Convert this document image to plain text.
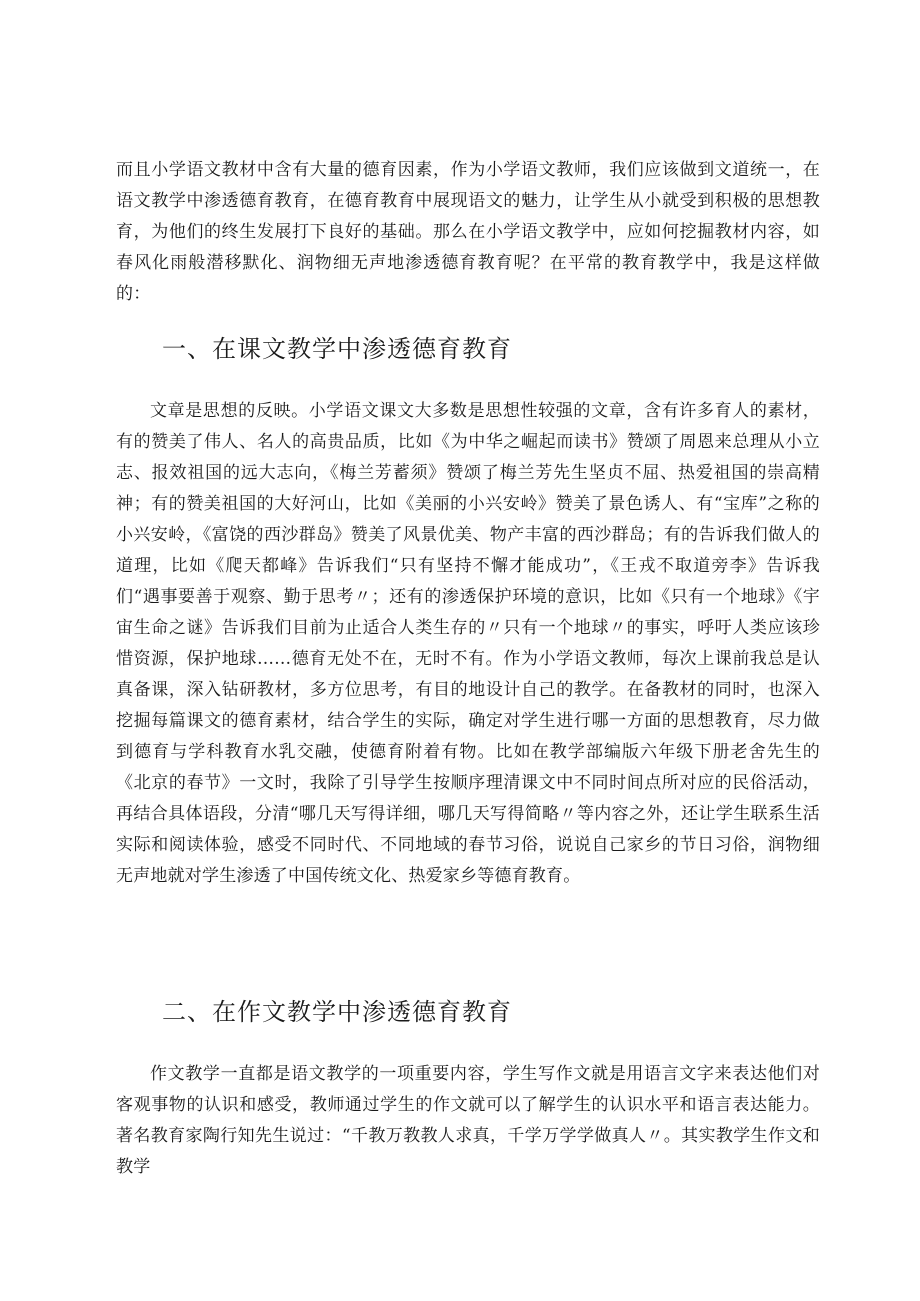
而且小学语文教材中含有大量的德育因素，作为小学语文教师，我们应该做到文道统一，在语文教学中渗透德育教育，在德育教育中展现语文的魅力，让学生从小就受到积极的思想教育，为他们的终生发展打下良好的基础。那么在小学语文教学中，应如何挖掘教材内容，如春风化雨般潜移默化、润物细无声地渗透德育教育呢？在平常的教育教学中，我是这样做的：

一、在课文教学中渗透德育教育

文章是思想的反映。小学语文课文大多数是思想性较强的文章，含有许多育人的素材，有的赞美了伟人、名人的高贵品质，比如《为中华之崛起而读书》赞颂了周恩来总理从小立志、报效祖国的远大志向，《梅兰芳蓄须》赞颂了梅兰芳先生坚贞不屈、热爱祖国的崇高精神；有的赞美祖国的大好河山，比如《美丽的小兴安岭》赞美了景色诱人、有“宝库”之称的小兴安岭，《富饶的西沙群岛》赞美了风景优美、物产丰富的西沙群岛；有的告诉我们做人的道理，比如《爬天都峰》告诉我们“只有坚持不懈才能成功”，《王戎不取道旁李》告诉我们“遇事要善于观察、勤于思考〃；还有的渗透保护环境的意识，比如《只有一个地球》《宇宙生命之谜》告诉我们目前为止适合人类生存的〃只有一个地球〃的事实，呼吁人类应该珍惜资源，保护地球……德育无处不在，无时不有。作为小学语文教师，每次上课前我总是认真备课，深入钻研教材，多方位思考，有目的地设计自己的教学。在备教材的同时，也深入挖掘每篇课文的德育素材，结合学生的实际，确定对学生进行哪一方面的思想教育，尽力做到德育与学科教育水乳交融，使德育附着有物。比如在教学部编版六年级下册老舍先生的《北京的春节》一文时，我除了引导学生按顺序理清课文中不同时间点所对应的民俗活动，再结合具体语段，分清“哪几天写得详细，哪几天写得简略〃等内容之外，还让学生联系生活实际和阅读体验，感受不同时代、不同地域的春节习俗，说说自己家乡的节日习俗，润物细无声地就对学生渗透了中国传统文化、热爱家乡等德育教育。

二、在作文教学中渗透德育教育

作文教学一直都是语文教学的一项重要内容，学生写作文就是用语言文字来表达他们对客观事物的认识和感受，教师通过学生的作文就可以了解学生的认识水平和语言表达能力。著名教育家陶行知先生说过：“千教万教教人求真，千学万学学做真人〃。其实教学生作文和教学
